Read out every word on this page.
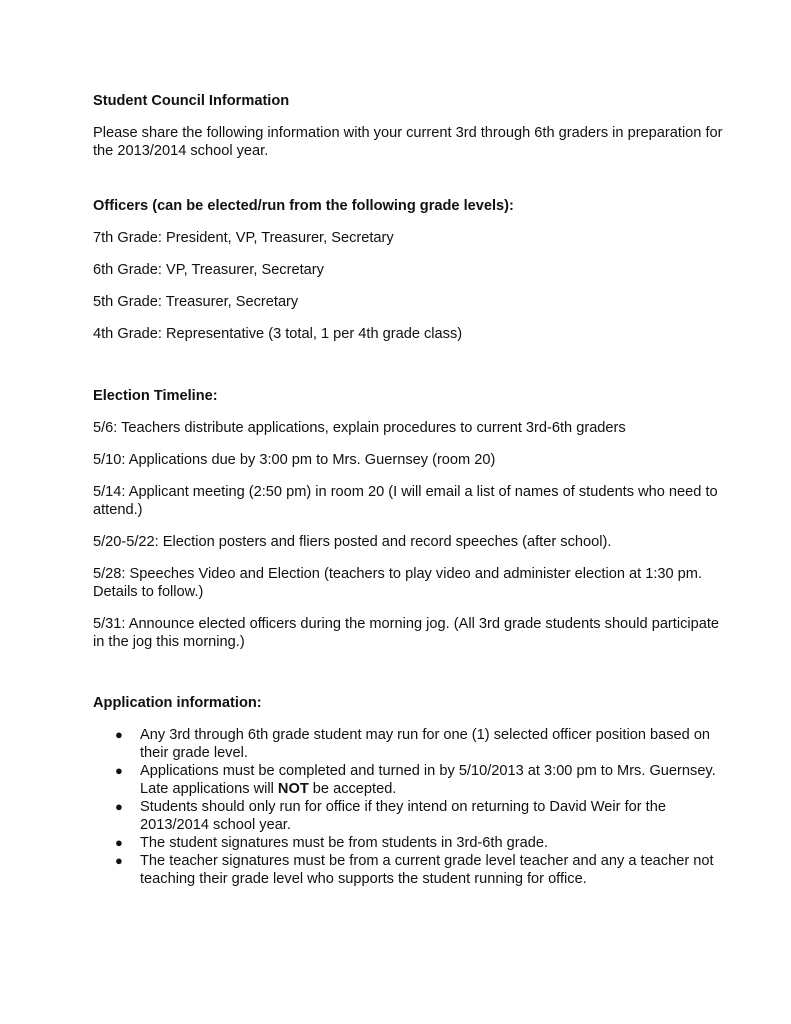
Student Council Information

Please share the following information with your current 3rd through 6th graders in preparation for the 2013/2014 school year.

Officers (can be elected/run from the following grade levels):

7th Grade: President, VP, Treasurer, Secretary

6th Grade: VP, Treasurer, Secretary

5th Grade: Treasurer, Secretary

4th Grade: Representative (3 total, 1 per 4th grade class)

Election Timeline:

5/6: Teachers distribute applications, explain procedures to current 3rd-6th graders

5/10: Applications due by 3:00 pm to Mrs. Guernsey (room 20)

5/14: Applicant meeting (2:50 pm) in room 20 (I will email a list of names of students who need to attend.)

5/20-5/22: Election posters and fliers posted and record speeches (after school).

5/28: Speeches Video and Election (teachers to play video and administer election at 1:30 pm. Details to follow.)

5/31: Announce elected officers during the morning jog. (All 3rd grade students should participate in the jog this morning.)

Application information:

● Any 3rd through 6th grade student may run for one (1) selected officer position based on their grade level.
● Applications must be completed and turned in by 5/10/2013 at 3:00 pm to Mrs. Guernsey. Late applications will NOT be accepted.
● Students should only run for office if they intend on returning to David Weir for the 2013/2014 school year.
● The student signatures must be from students in 3rd-6th grade.
● The teacher signatures must be from a current grade level teacher and any a teacher not teaching their grade level who supports the student running for office.
